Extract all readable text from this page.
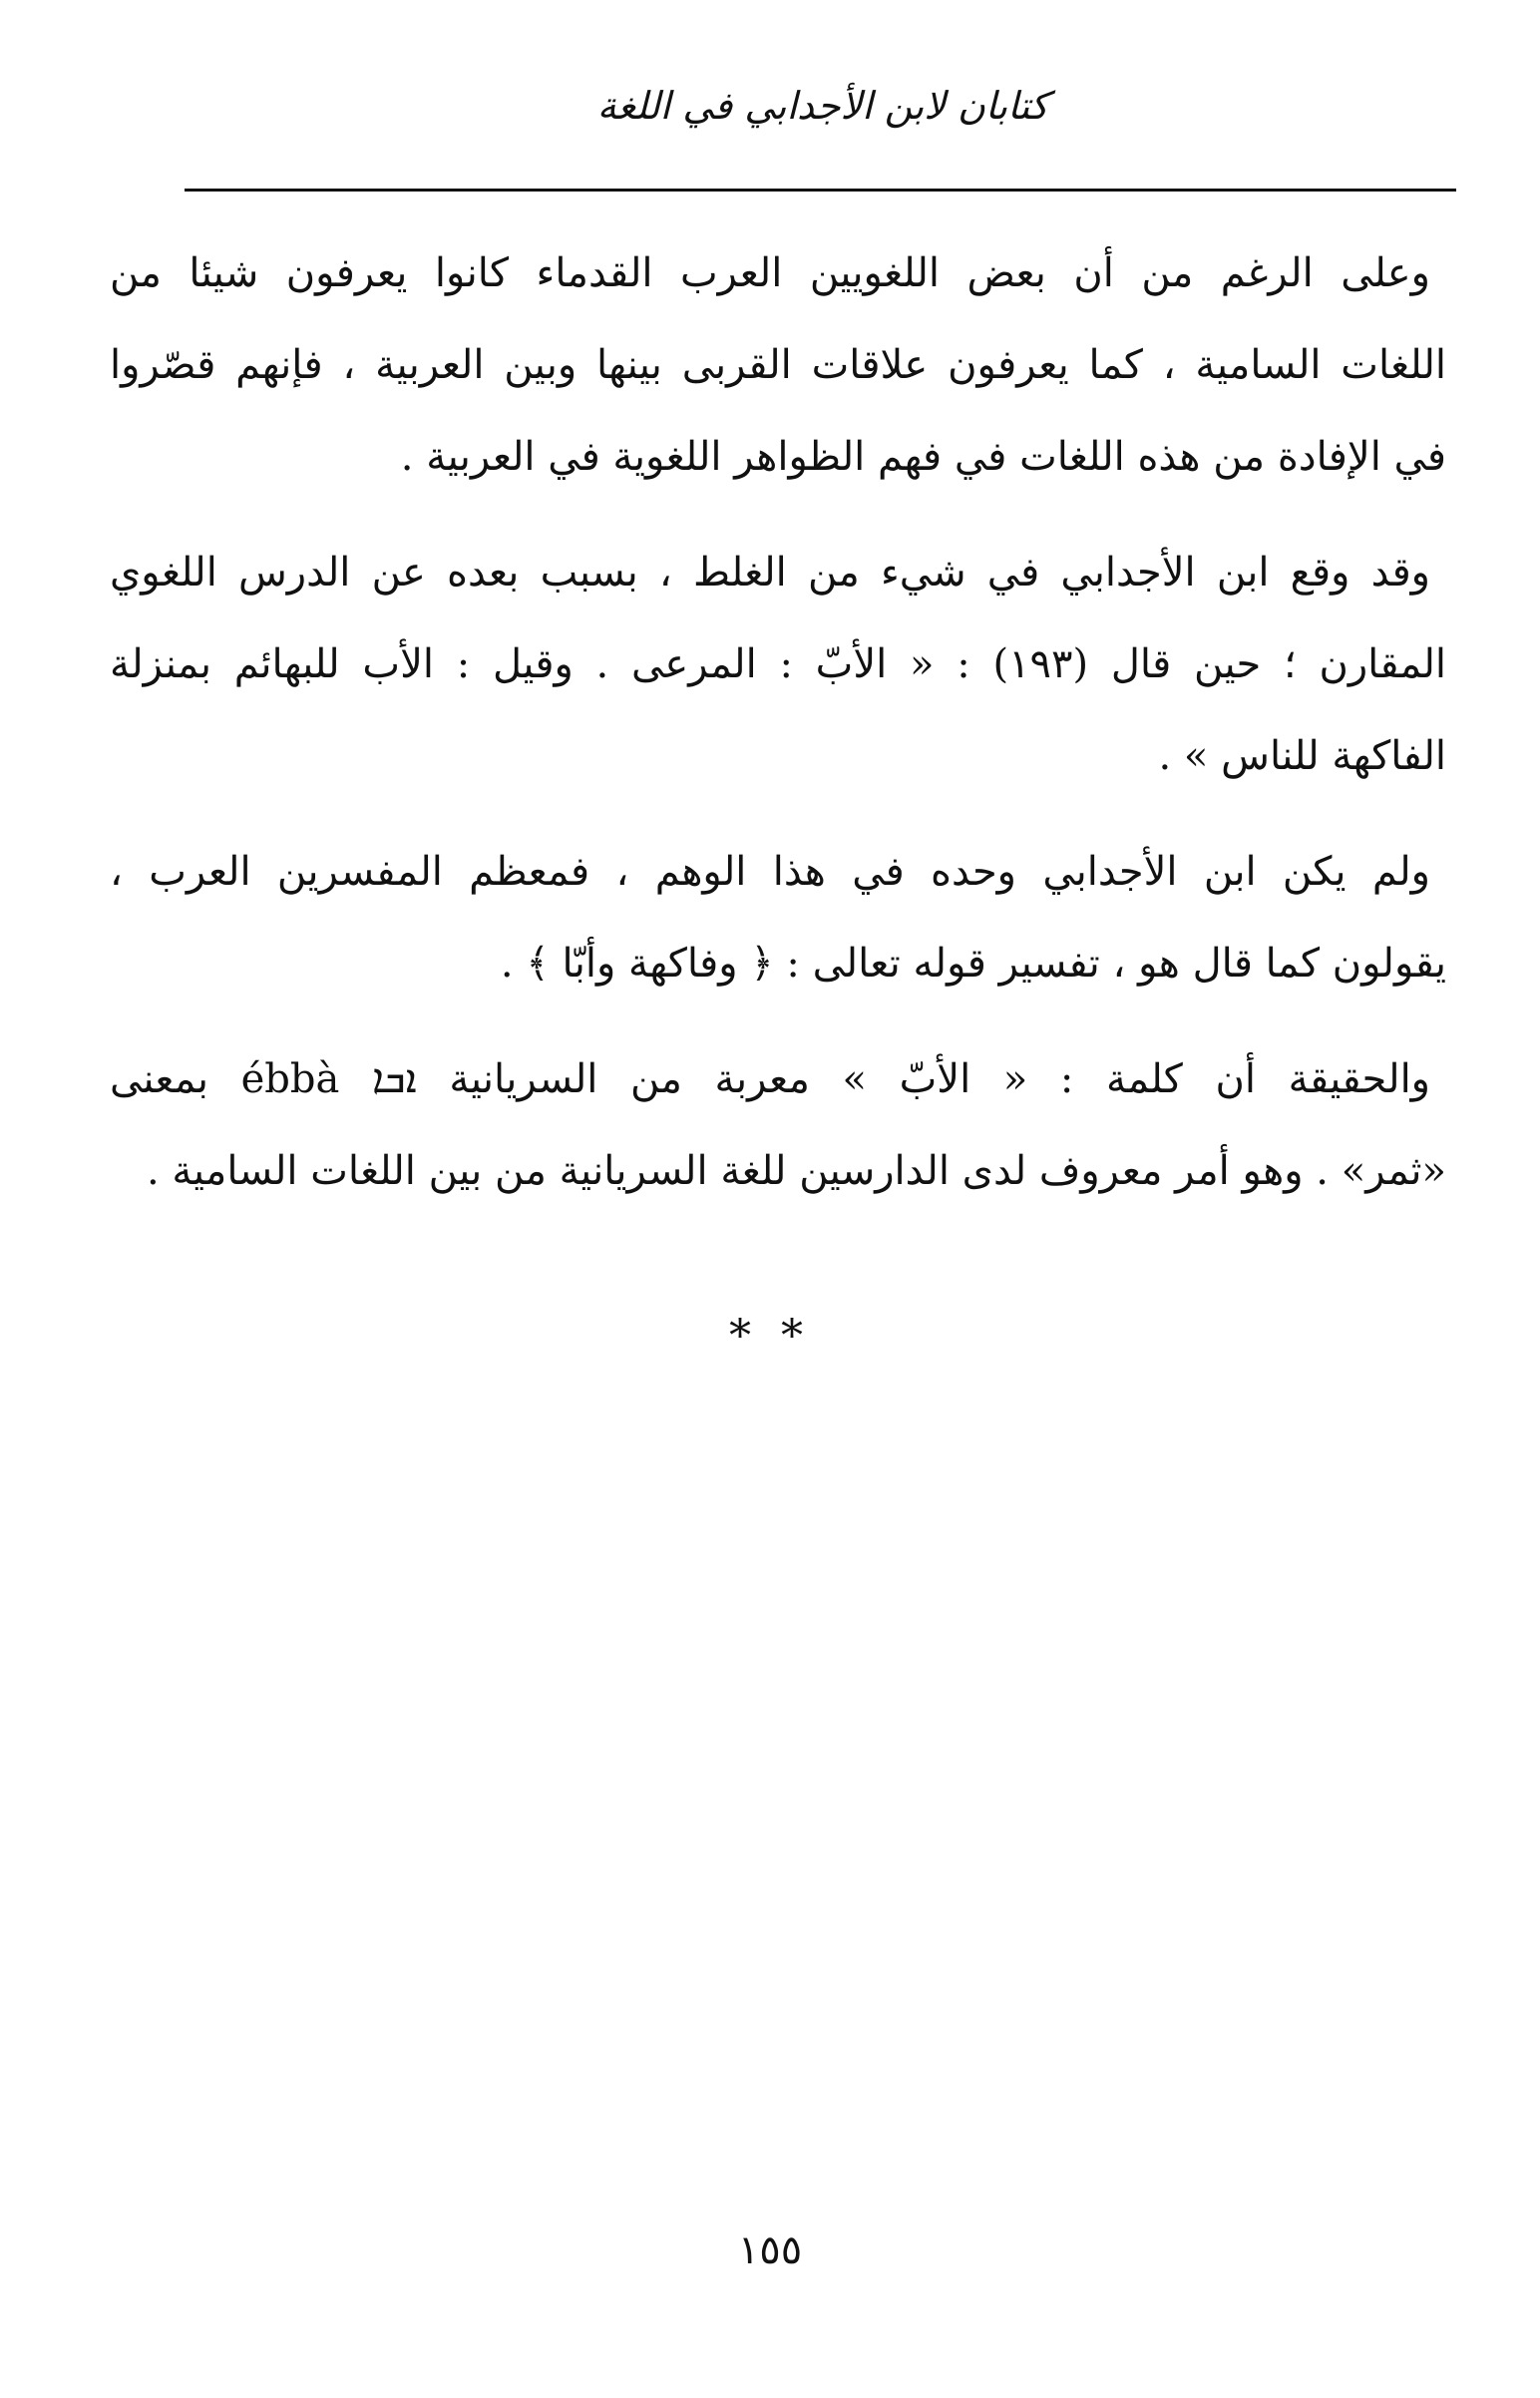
كتابان لابن الأجدابي في اللغة
وعلى الرغم من أن بعض اللغويين العرب القدماء كانوا يعرفون شيئا من
اللغات السامية ، كما يعرفون علاقات القربى بينها وبين العربية ، فإنهم قصّروا
في الإفادة من هذه اللغات في فهم الظواهر اللغوية في العربية .
وقد وقع ابن الأجدابي في شيء من الغلط ، بسبب بعده عن الدرس اللغوي
المقارن ؛ حين قال (١٩٣) : « الأبّ : المرعى . وقيل : الأب للبهائم بمنزلة
الفاكهة للناس » .
ولم يكن ابن الأجدابي وحده في هذا الوهم ، فمعظم المفسرين العرب ،
يقولون كما قال هو ، تفسير قوله تعالى : ﴿ وفاكهة وأبّا ﴾ .
والحقيقة أن كلمة : « الأبّ » معربة من السريانية ܐܒܐ ébbà بمعنى
«ثمر» . وهو أمر معروف لدى الدارسين للغة السريانية من بين اللغات السامية .
* *
١٥٥
